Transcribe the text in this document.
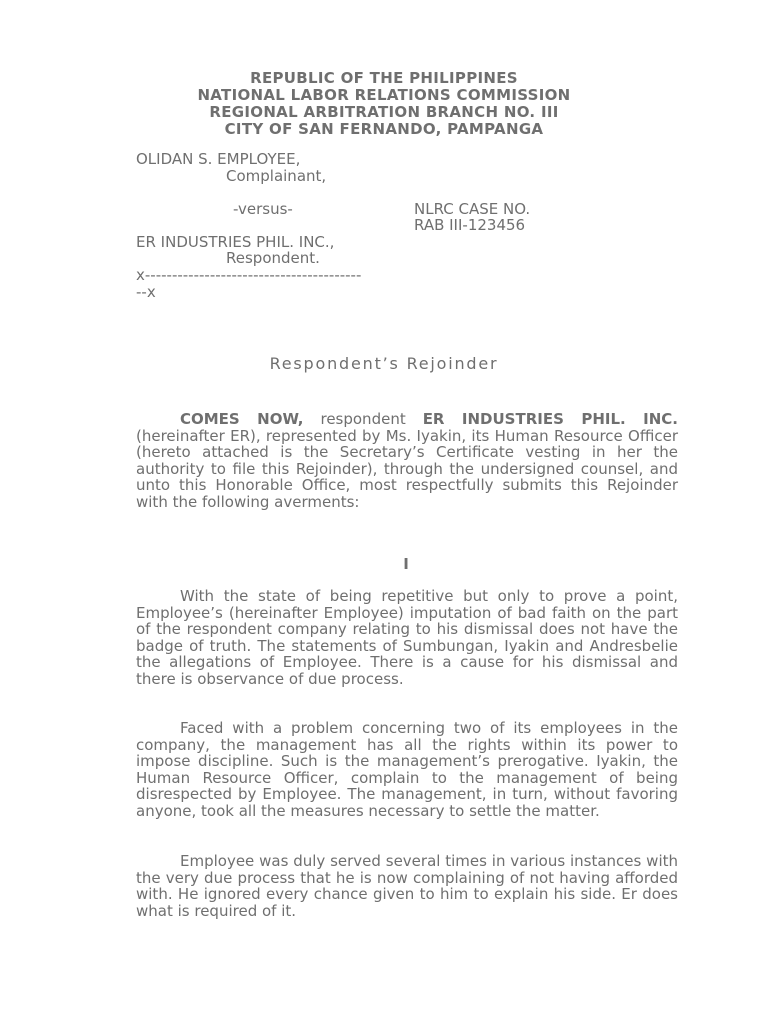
REPUBLIC OF THE PHILIPPINES
NATIONAL LABOR RELATIONS COMMISSION
REGIONAL ARBITRATION BRANCH NO. III
CITY OF SAN FERNANDO, PAMPANGA
OLIDAN S. EMPLOYEE,
Complainant,
-versus-	NLRC CASE NO.
RAB III-123456
ER INDUSTRIES PHIL. INC.,
Respondent.
x----------------------------------------
--x
Respondent’s Rejoinder

COMES NOW, respondent ER INDUSTRIES PHIL. INC. (hereinafter ER), represented by Ms. Iyakin, its Human Resource Officer (hereto attached is the Secretary’s Certificate vesting in her the authority to file this Rejoinder), through the undersigned counsel, and unto this Honorable Office, most respectfully submits this Rejoinder with the following averments:

I

With the state of being repetitive but only to prove a point, Employee’s (hereinafter Employee) imputation of bad faith on the part of the respondent company relating to his dismissal does not have the badge of truth. The statements of Sumbungan, Iyakin and Andresbelie the allegations of Employee. There is a cause for his dismissal and there is observance of due process.

Faced with a problem concerning two of its employees in the company, the management has all the rights within its power to impose discipline. Such is the management’s prerogative. Iyakin, the Human Resource Officer, complain to the management of being disrespected by Employee. The management, in turn, without favoring anyone, took all the measures necessary to settle the matter.

Employee was duly served several times in various instances with the very due process that he is now complaining of not having afforded with. He ignored every chance given to him to explain his side. Er does what is required of it.
